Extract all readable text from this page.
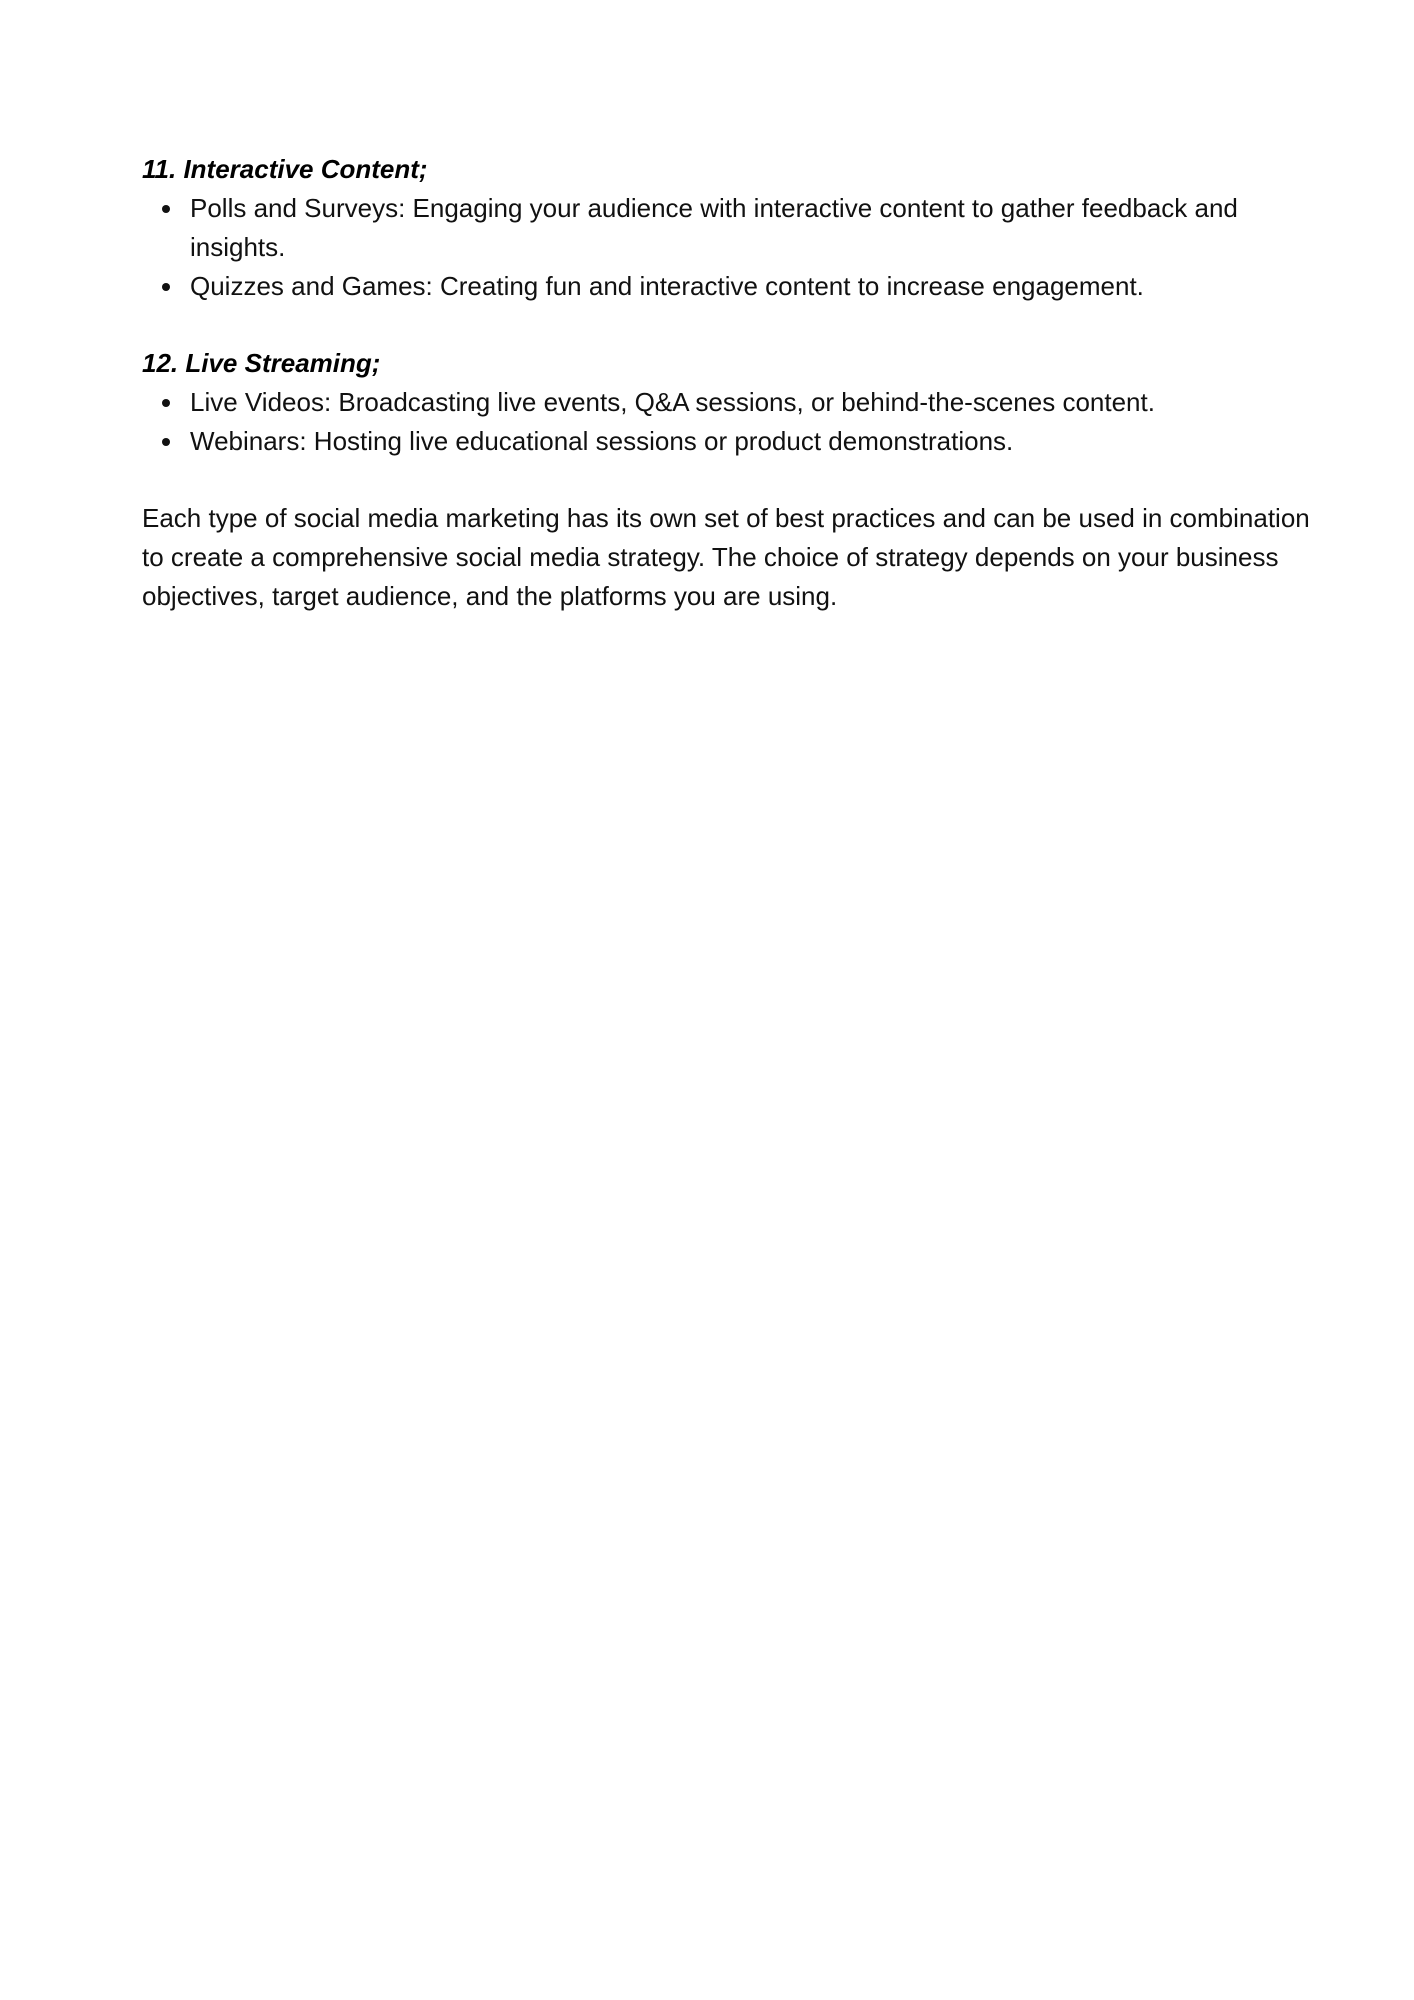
11. Interactive Content;
Polls and Surveys: Engaging your audience with interactive content to gather feedback and insights.
Quizzes and Games: Creating fun and interactive content to increase engagement.
12. Live Streaming;
Live Videos: Broadcasting live events, Q&A sessions, or behind-the-scenes content.
Webinars: Hosting live educational sessions or product demonstrations.

Each type of social media marketing has its own set of best practices and can be used in combination to create a comprehensive social media strategy. The choice of strategy depends on your business objectives, target audience, and the platforms you are using.
